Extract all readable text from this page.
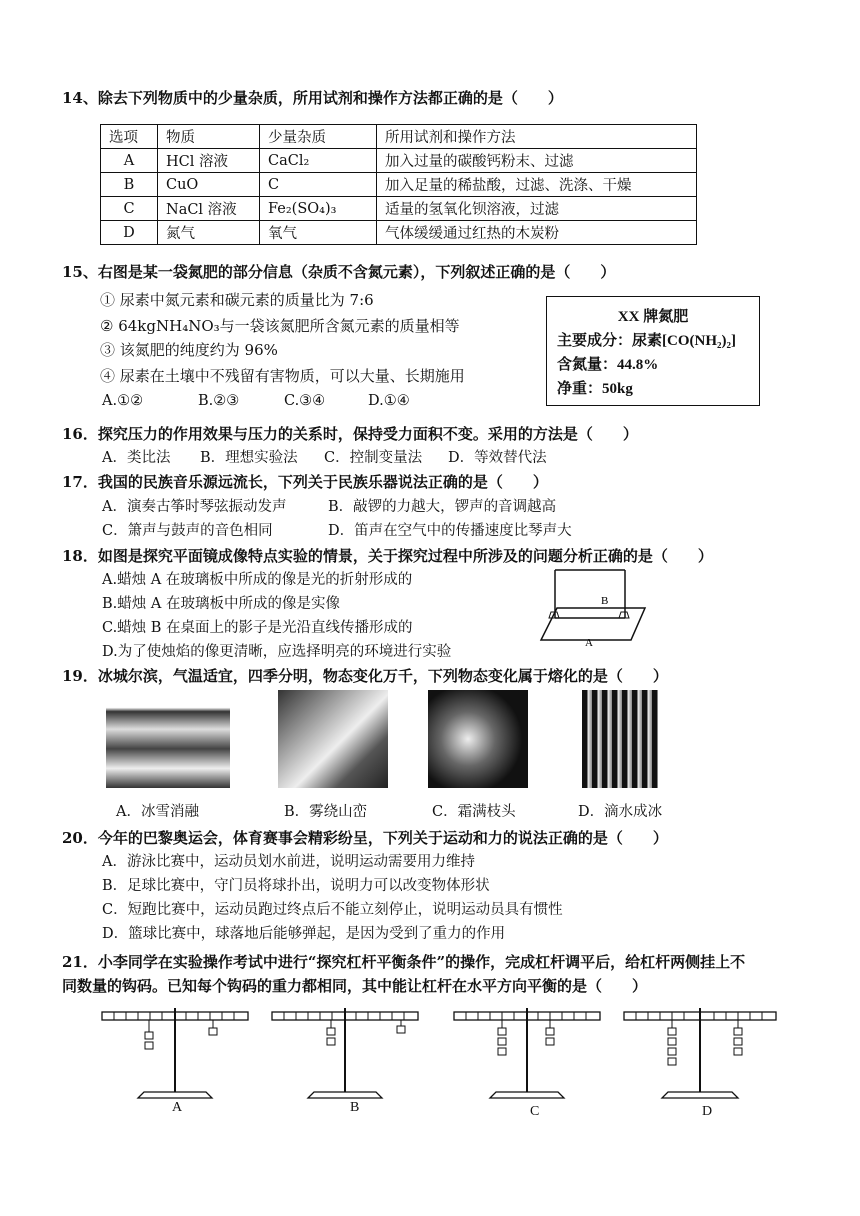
14、除去下列物质中的少量杂质，所用试剂和操作方法都正确的是（　　）
选项	物质	少量杂质	所用试剂和操作方法
A	HCl 溶液	CaCl₂	加入过量的碳酸钙粉末、过滤
B	CuO	C	加入足量的稀盐酸，过滤、洗涤、干燥
C	NaCl 溶液	Fe₂(SO₄)₃	适量的氢氧化钡溶液，过滤
D	氮气	氧气	气体缓缓通过红热的木炭粉
15、右图是某一袋氮肥的部分信息（杂质不含氮元素），下列叙述正确的是（　　）
① 尿素中氮元素和碳元素的质量比为 7:6
② 64kgNH₄NO₃与一袋该氮肥所含氮元素的质量相等
③ 该氮肥的纯度约为 96%
④ 尿素在土壤中不残留有害物质，可以大量、长期施用
A.①②	B.②③	C.③④	D.①④
XX 牌氮肥
主要成分：尿素[CO(NH₂)₂]
含氮量：44.8%
净重：50kg
16．探究压力的作用效果与压力的关系时，保持受力面积不变。采用的方法是（　　）
A．类比法 B．理想实验法 C．控制变量法 D．等效替代法
17．我国的民族音乐源远流长，下列关于民族乐器说法正确的是（　　）
A．演奏古筝时琴弦振动发声	B．敲锣的力越大，锣声的音调越高
C．箫声与鼓声的音色相同	D．笛声在空气中的传播速度比琴声大
18．如图是探究平面镜成像特点实验的情景，关于探究过程中所涉及的问题分析正确的是（　　）
A.蜡烛 A 在玻璃板中所成的像是光的折射形成的
B.蜡烛 A 在玻璃板中所成的像是实像
C.蜡烛 B 在桌面上的影子是光沿直线传播形成的
D.为了使烛焰的像更清晰，应选择明亮的环境进行实验
B
A
19．冰城尔滨，气温适宜，四季分明，物态变化万千，下列物态变化属于熔化的是（　　）
A．冰雪消融	B．雾绕山峦	C．霜满枝头	D．滴水成冰
20．今年的巴黎奥运会，体育赛事会精彩纷呈，下列关于运动和力的说法正确的是（　　）
A．游泳比赛中，运动员划水前进，说明运动需要用力维持
B．足球比赛中，守门员将球扑出，说明力可以改变物体形状
C．短跑比赛中，运动员跑过终点后不能立刻停止，说明运动员具有惯性
D．篮球比赛中，球落地后能够弹起，是因为受到了重力的作用
21．小李同学在实验操作考试中进行“探究杠杆平衡条件”的操作，完成杠杆调平后，给杠杆两侧挂上不
同数量的钩码。已知每个钩码的重力都相同，其中能让杠杆在水平方向平衡的是（　　）
A	B	C	D
